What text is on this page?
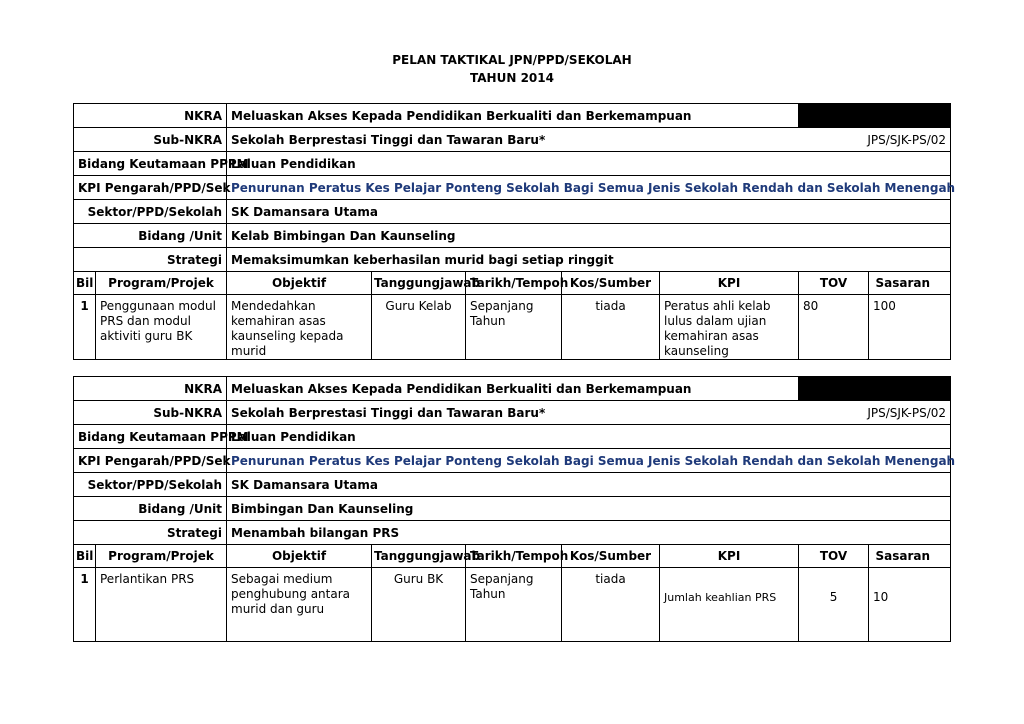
PELAN TAKTIKAL JPN/PPD/SEKOLAH
TAHUN 2014
NKRA		Meluaskan Akses Kepada Pendidikan Berkualiti dan Berkemampuan						
Sub-NKRA		Sekolah Berprestasi Tinggi dan Tawaran Baru*					JPS/SJK-PS/02	
Bidang Keutamaan PPPM		Laluan Pendidikan						
KPI Pengarah/PPD/Sek		Penurunan Peratus Kes Pelajar Ponteng Sekolah Bagi Semua Jenis Sekolah Rendah dan Sekolah Menengah						
Sektor/PPD/Sekolah		SK Damansara Utama						
Bidang /Unit		Kelab Bimbingan Dan Kaunseling						
Strategi		Memaksimumkan keberhasilan murid bagi setiap ringgit						
Bil	Program/Projek	Objektif	Tanggungjawab	Tarikh/Tempoh	Kos/Sumber	KPI	TOV	Sasaran
1	Penggunaan modul PRS dan modul aktiviti guru BK	Mendedahkan kemahiran asas kaunseling kepada murid	Guru Kelab	Sepanjang Tahun	tiada	Peratus ahli kelab lulus dalam ujian kemahiran asas kaunseling	80	100
NKRA		Meluaskan Akses Kepada Pendidikan Berkualiti dan Berkemampuan						
Sub-NKRA		Sekolah Berprestasi Tinggi dan Tawaran Baru*					JPS/SJK-PS/02	
Bidang Keutamaan PPPM		Laluan Pendidikan						
KPI Pengarah/PPD/Sek		Penurunan Peratus Kes Pelajar Ponteng Sekolah Bagi Semua Jenis Sekolah Rendah dan Sekolah Menengah						
Sektor/PPD/Sekolah		SK Damansara Utama						
Bidang /Unit		Bimbingan Dan Kaunseling						
Strategi		Menambah bilangan PRS						
Bil	Program/Projek	Objektif	Tanggungjawab	Tarikh/Tempoh	Kos/Sumber	KPI	TOV	Sasaran
1	Perlantikan PRS	Sebagai medium penghubung antara murid dan guru	Guru BK	Sepanjang Tahun	tiada	Jumlah keahlian PRS	5	10
